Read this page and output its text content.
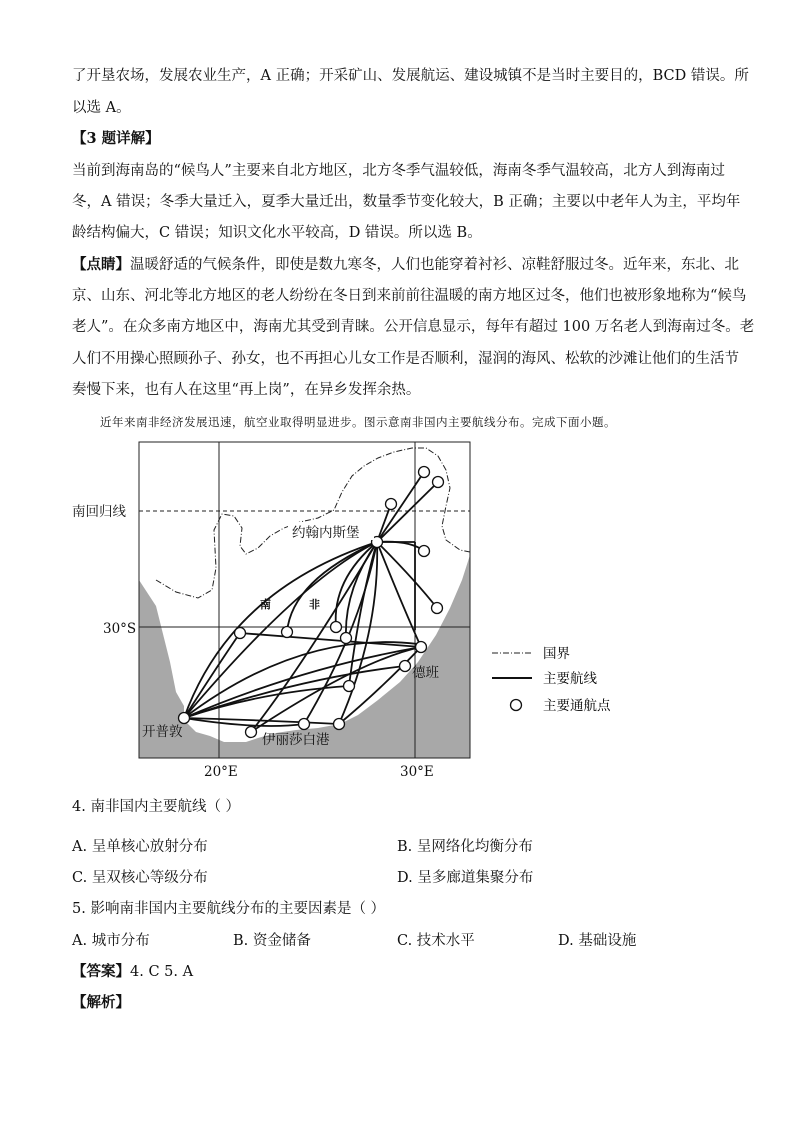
了开垦农场，发展农业生产，A 正确；开采矿山、发展航运、建设城镇不是当时主要目的，BCD 错误。所
以选 A。
【3 题详解】
当前到海南岛的“候鸟人”主要来自北方地区，北方冬季气温较低，海南冬季气温较高，北方人到海南过
冬，A 错误；冬季大量迁入，夏季大量迁出，数量季节变化较大，B 正确；主要以中老年人为主，平均年
龄结构偏大，C 错误；知识文化水平较高，D 错误。所以选 B。
【点睛】温暖舒适的气候条件，即使是数九寒冬，人们也能穿着衬衫、凉鞋舒服过冬。近年来，东北、北
京、山东、河北等北方地区的老人纷纷在冬日到来前前往温暖的南方地区过冬，他们也被形象地称为“候鸟
老人”。在众多南方地区中，海南尤其受到青睐。公开信息显示，每年有超过 100 万名老人到海南过冬。老
人们不用操心照顾孙子、孙女，也不再担心儿女工作是否顺利，湿润的海风、松软的沙滩让他们的生活节
奏慢下来，也有人在这里“再上岗”，在异乡发挥余热。
近年来南非经济发展迅速，航空业取得明显进步。图示意南非国内主要航线分布。完成下面小题。
约翰内斯堡
南	非
德班
开普敦	伊丽莎白港
南回归线
30°S
20°E	30°E
国界
主要航线
主要通航点
4. 南非国内主要航线（ ）
A. 呈单核心放射分布	B. 呈网络化均衡分布
C. 呈双核心等级分布	D. 呈多廊道集聚分布
5. 影响南非国内主要航线分布的主要因素是（ ）
A. 城市分布	B. 资金储备	C. 技术水平	D. 基础设施
【答案】4. C 5. A
【解析】
